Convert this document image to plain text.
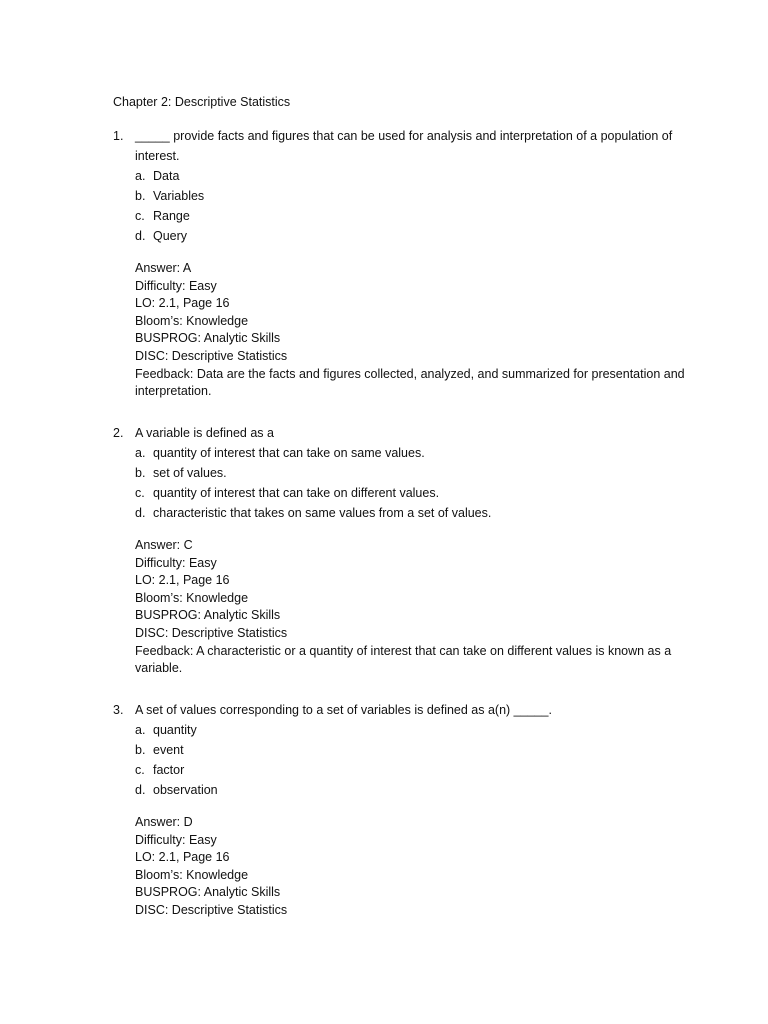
Chapter 2: Descriptive Statistics
1. _____ provide facts and figures that can be used for analysis and interpretation of a population of interest.
a. Data
b. Variables
c. Range
d. Query
Answer: A
Difficulty: Easy
LO: 2.1, Page 16
Bloom’s: Knowledge
BUSPROG: Analytic Skills
DISC: Descriptive Statistics
Feedback: Data are the facts and figures collected, analyzed, and summarized for presentation and interpretation.
2. A variable is defined as a
a. quantity of interest that can take on same values.
b. set of values.
c. quantity of interest that can take on different values.
d. characteristic that takes on same values from a set of values.
Answer: C
Difficulty: Easy
LO: 2.1, Page 16
Bloom’s: Knowledge
BUSPROG: Analytic Skills
DISC: Descriptive Statistics
Feedback: A characteristic or a quantity of interest that can take on different values is known as a variable.
3. A set of values corresponding to a set of variables is defined as a(n) _____.
a. quantity
b. event
c. factor
d. observation
Answer: D
Difficulty: Easy
LO: 2.1, Page 16
Bloom’s: Knowledge
BUSPROG: Analytic Skills
DISC: Descriptive Statistics
